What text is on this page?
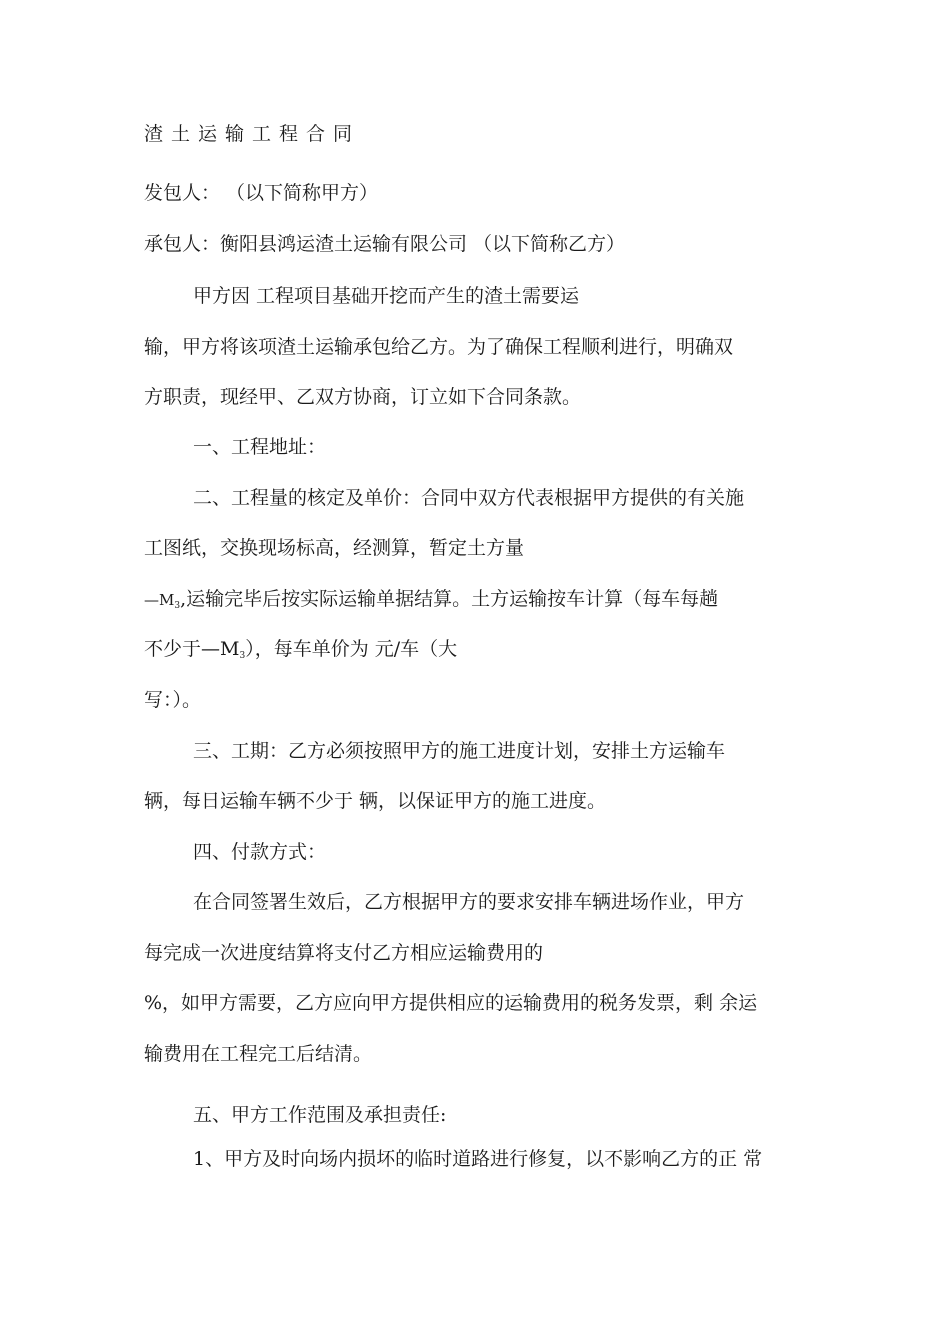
渣土运输工程合同
发包人： （以下简称甲方）
承包人：衡阳县鸿运渣土运输有限公司 （以下简称乙方）
甲方因 工程项目基础开挖而产生的渣土需要运
输，甲方将该项渣土运输承包给乙方。为了确保工程顺利进行，明确双
方职责，现经甲、乙双方协商，订立如下合同条款。
一、工程地址：
二、工程量的核定及单价：合同中双方代表根据甲方提供的有关施
工图纸，交换现场标高，经测算，暂定土方量
—M3,运输完毕后按实际运输单据结算。土方运输按车计算（每车每趟
不少于—M3），每车单价为 元/车（大
写：）。
三、工期：乙方必须按照甲方的施工进度计划，安排土方运输车
辆，每日运输车辆不少于 辆，以保证甲方的施工进度。
四、付款方式：
在合同签署生效后，乙方根据甲方的要求安排车辆进场作业，甲方
每完成一次进度结算将支付乙方相应运输费用的
%，如甲方需要，乙方应向甲方提供相应的运输费用的税务发票，剩 余运
输费用在工程完工后结清。
五、甲方工作范围及承担责任:
1、甲方及时向场内损坏的临时道路进行修复，以不影响乙方的正 常
